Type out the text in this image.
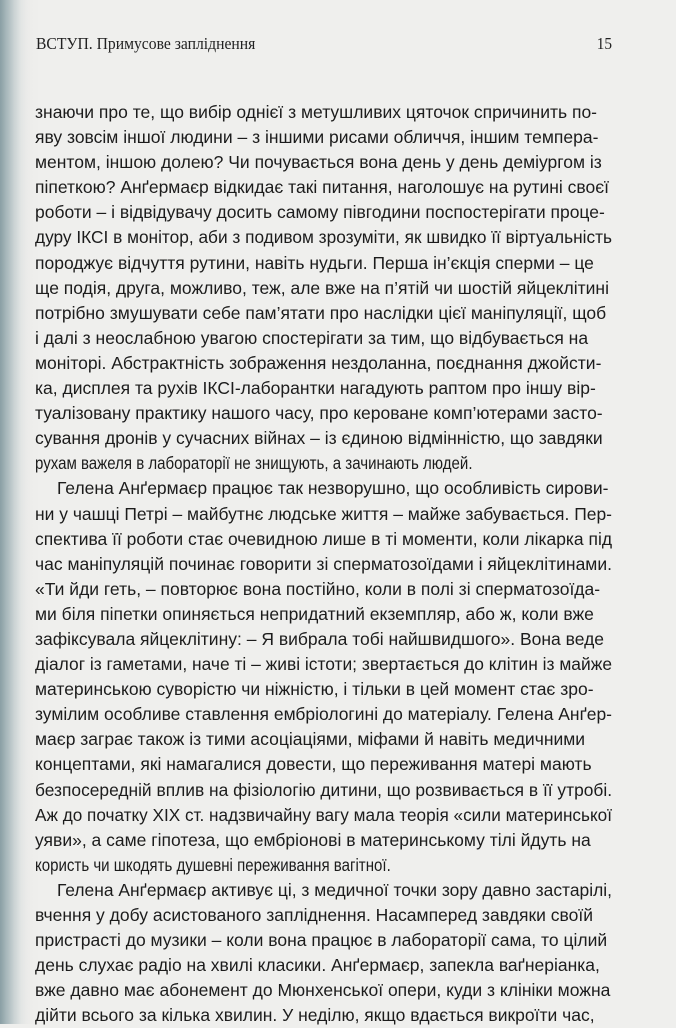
ВСТУП. Примусове запліднення	15
знаючи про те, що вибір однієї з метушливих цяточок спричинить по-
яву зовсім іншої людини – з іншими рисами обличчя, іншим темпера-
ментом, іншою долею? Чи почувається вона день у день деміургом із
піпеткою? Анґермаєр відкидає такі питання, наголошує на рутині своєї
роботи – і відвідувачу досить самому півгодини поспостерігати проце-
дуру ІКСІ в монітор, аби з подивом зрозуміти, як швидко її віртуальність
породжує відчуття рутини, навіть нудьги. Перша ін’єкція сперми – це
ще подія, друга, можливо, теж, але вже на п’ятій чи шостій яйцеклітині
потрібно змушувати себе пам’ятати про наслідки цієї маніпуляції, щоб
і далі з неослабною увагою спостерігати за тим, що відбувається на
моніторі. Абстрактність зображення нездоланна, поєднання джойсти-
ка, дисплея та рухів ІКСІ-лаборантки нагадують раптом про іншу вір-
туалізовану практику нашого часу, про кероване комп’ютерами засто-
сування дронів у сучасних війнах – із єдиною відмінністю, що завдяки
рухам важеля в лабораторії не знищують, а зачинають людей.
Гелена Анґермаєр працює так незворушно, що особливість сирови-
ни у чашці Петрі – майбутнє людське життя – майже забувається. Пер-
спектива її роботи стає очевидною лише в ті моменти, коли лікарка під
час маніпуляцій починає говорити зі сперматозоїдами і яйцеклітинами.
«Ти йди геть, – повторює вона постійно, коли в полі зі сперматозоїда-
ми біля піпетки опиняється непридатний екземпляр, або ж, коли вже
зафіксувала яйцеклітину: – Я вибрала тобі найшвидшого». Вона веде
діалог із гаметами, наче ті – живі істоти; звертається до клітин із майже
материнською суворістю чи ніжністю, і тільки в цей момент стає зро-
зумілим особливе ставлення ембріологині до матеріалу. Гелена Анґер-
маєр заграє також із тими асоціаціями, міфами й навіть медичними
концептами, які намагалися довести, що переживання матері мають
безпосередній вплив на фізіологію дитини, що розвивається в її утробі.
Аж до початку XIX ст. надзвичайну вагу мала теорія «сили материнської
уяви», а саме гіпотеза, що ембріонові в материнському тілі йдуть на
користь чи шкодять душевні переживання вагітної.
Гелена Анґермаєр активує ці, з медичної точки зору давно застарілі,
вчення у добу асистованого запліднення. Насамперед завдяки своїй
пристрасті до музики – коли вона працює в лабораторії сама, то цілий
день слухає радіо на хвилі класики. Анґермаєр, запекла ваґнеріанка,
вже давно має абонемент до Мюнхенської опери, куди з клініки можна
дійти всього за кілька хвилин. У неділю, якщо вдається викроїти час,
